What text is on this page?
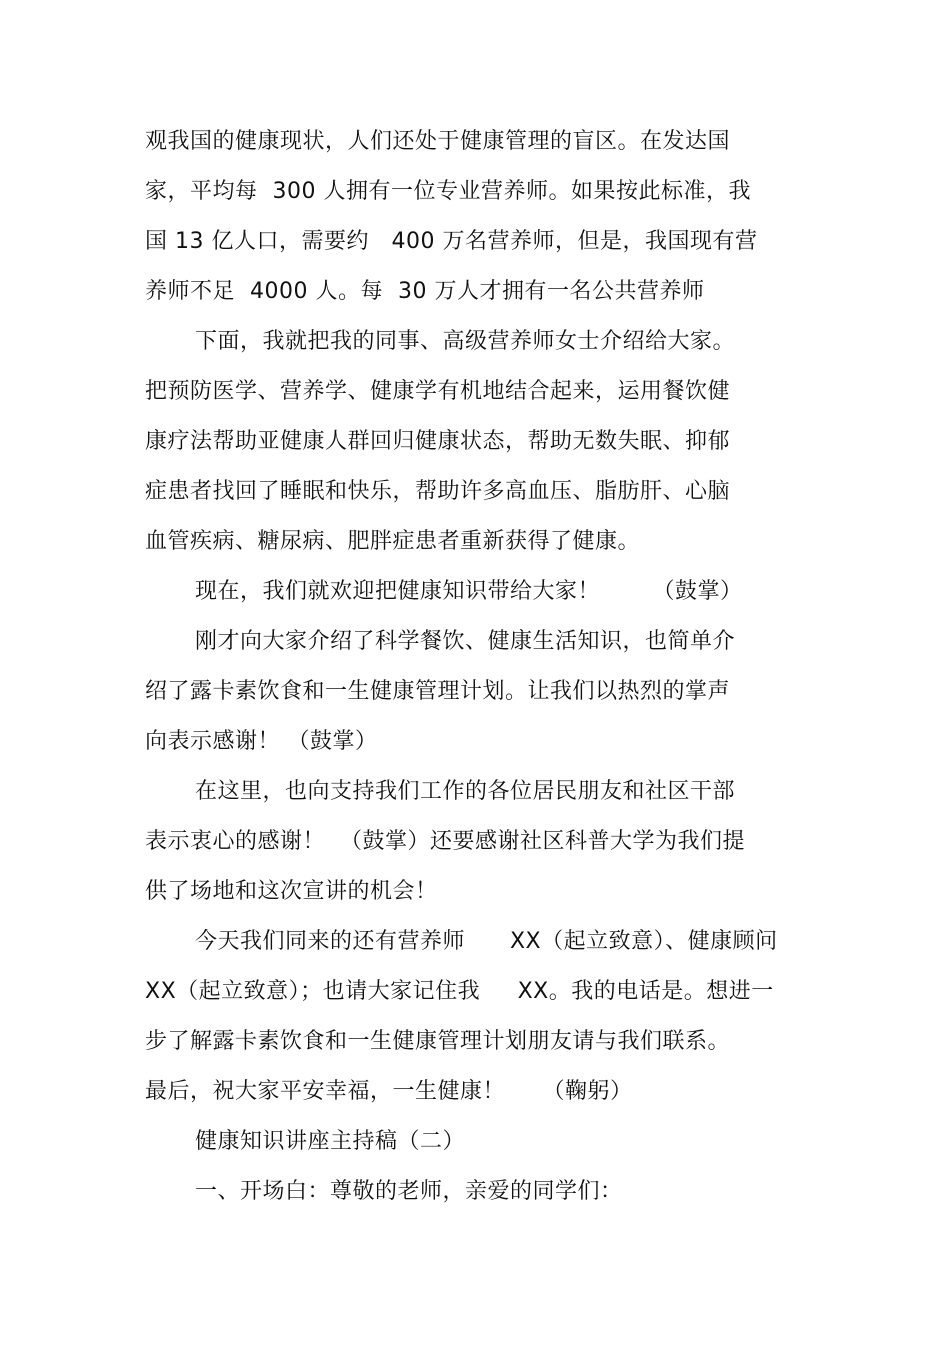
观我国的健康现状，人们还处于健康管理的盲区。在发达国
家，平均每  300 人拥有一位专业营养师。如果按此标准，我
国 13 亿人口，需要约   400 万名营养师，但是，我国现有营
养师不足  4000 人。每  30 万人才拥有一名公共营养师
下面，我就把我的同事、高级营养师女士介绍给大家。
把预防医学、营养学、健康学有机地结合起来，运用餐饮健
康疗法帮助亚健康人群回归健康状态，帮助无数失眠、抑郁
症患者找回了睡眠和快乐，帮助许多高血压、脂肪肝、心脑
血管疾病、糖尿病、肥胖症患者重新获得了健康。
现在，我们就欢迎把健康知识带给大家！       （鼓掌）
刚才向大家介绍了科学餐饮、健康生活知识，也简单介
绍了露卡素饮食和一生健康管理计划。让我们以热烈的掌声
向表示感谢！ （鼓掌）
在这里，也向支持我们工作的各位居民朋友和社区干部
表示衷心的感谢！  （鼓掌）还要感谢社区科普大学为我们提
供了场地和这次宣讲的机会！
今天我们同来的还有营养师      XX（起立致意）、健康顾问
XX（起立致意）；也请大家记住我     XX。我的电话是。想进一
步了解露卡素饮食和一生健康管理计划朋友请与我们联系。
最后，祝大家平安幸福，一生健康！     （鞠躬）
健康知识讲座主持稿（二）
一、开场白：尊敬的老师，亲爱的同学们：
